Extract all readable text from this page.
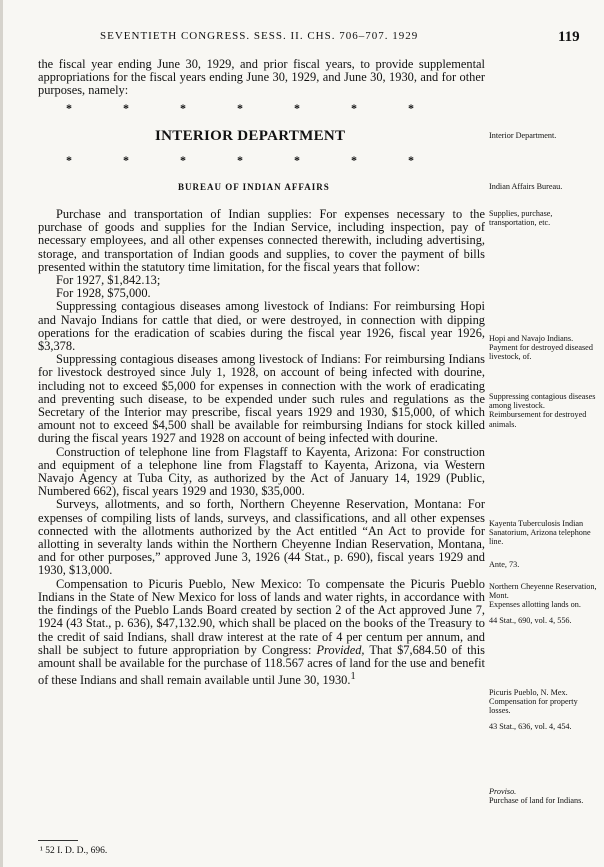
SEVENTIETH CONGRESS. SESS. II. CHS. 706–707. 1929	119

the fiscal year ending June 30, 1929, and prior fiscal years, to provide supplemental appropriations for the fiscal years ending June 30, 1929, and June 30, 1930, and for other purposes, namely:

* * * * * * *
INTERIOR DEPARTMENT
* * * * * * *
BUREAU OF INDIAN AFFAIRS

Purchase and transportation of Indian supplies: For expenses necessary to the purchase of goods and supplies for the Indian Service, including inspection, pay of necessary employees, and all other expenses connected therewith, including advertising, storage, and transportation of Indian goods and supplies, to cover the payment of bills presented within the statutory time limitation, for the fiscal years that follow:

For 1927, $1,842.13;

For 1928, $75,000.

Suppressing contagious diseases among livestock of Indians: For reimbursing Hopi and Navajo Indians for cattle that died, or were destroyed, in connection with dipping operations for the eradication of scabies during the fiscal year 1926, fiscal year 1926, $3,378.

Suppressing contagious diseases among livestock of Indians: For reimbursing Indians for livestock destroyed since July 1, 1928, on account of being infected with dourine, including not to exceed $5,000 for expenses in connection with the work of eradicating and preventing such disease, to be expended under such rules and regulations as the Secretary of the Interior may prescribe, fiscal years 1929 and 1930, $15,000, of which amount not to exceed $4,500 shall be available for reimbursing Indians for stock killed during the fiscal years 1927 and 1928 on account of being infected with dourine.

Construction of telephone line from Flagstaff to Kayenta, Arizona: For construction and equipment of a telephone line from Flagstaff to Kayenta, Arizona, via Western Navajo Agency at Tuba City, as authorized by the Act of January 14, 1929 (Public, Numbered 662), fiscal years 1929 and 1930, $35,000.

Surveys, allotments, and so forth, Northern Cheyenne Reservation, Montana: For expenses of compiling lists of lands, surveys, and classifications, and all other expenses connected with the allotments authorized by the Act entitled “An Act to provide for allotting in severalty lands within the Northern Cheyenne Indian Reservation, Montana, and for other purposes,” approved June 3, 1926 (44 Stat., p. 690), fiscal years 1929 and 1930, $13,000.

Compensation to Picuris Pueblo, New Mexico: To compensate the Picuris Pueblo Indians in the State of New Mexico for loss of lands and water rights, in accordance with the findings of the Pueblo Lands Board created by section 2 of the Act approved June 7, 1924 (43 Stat., p. 636), $47,132.90, which shall be placed on the books of the Treasury to the credit of said Indians, shall draw interest at the rate of 4 per centum per annum, and shall be subject to future appropriation by Congress: Provided, That $7,684.50 of this amount shall be available for the purchase of 118.567 acres of land for the use and benefit of these Indians and shall remain available until June 30, 1930.$^1$

Interior Department.
Indian Affairs Bureau.
Supplies, purchase, transportation, etc.
Hopi and Navajo Indians.
Payment for destroyed diseased livestock, of.
Suppressing contagious diseases among livestock.
Reimbursement for destroyed animals.
Kayenta Tuberculosis Indian Sanatorium, Arizona telephone line.
Ante, 73.
Northern Cheyenne Reservation, Mont.
Expenses allotting lands on.
44 Stat., 690, vol. 4, 556.
Picuris Pueblo, N. Mex.
Compensation for property losses.
43 Stat., 636, vol. 4, 454.
Proviso.
Purchase of land for Indians.
¹ 52 I. D. D., 696.
